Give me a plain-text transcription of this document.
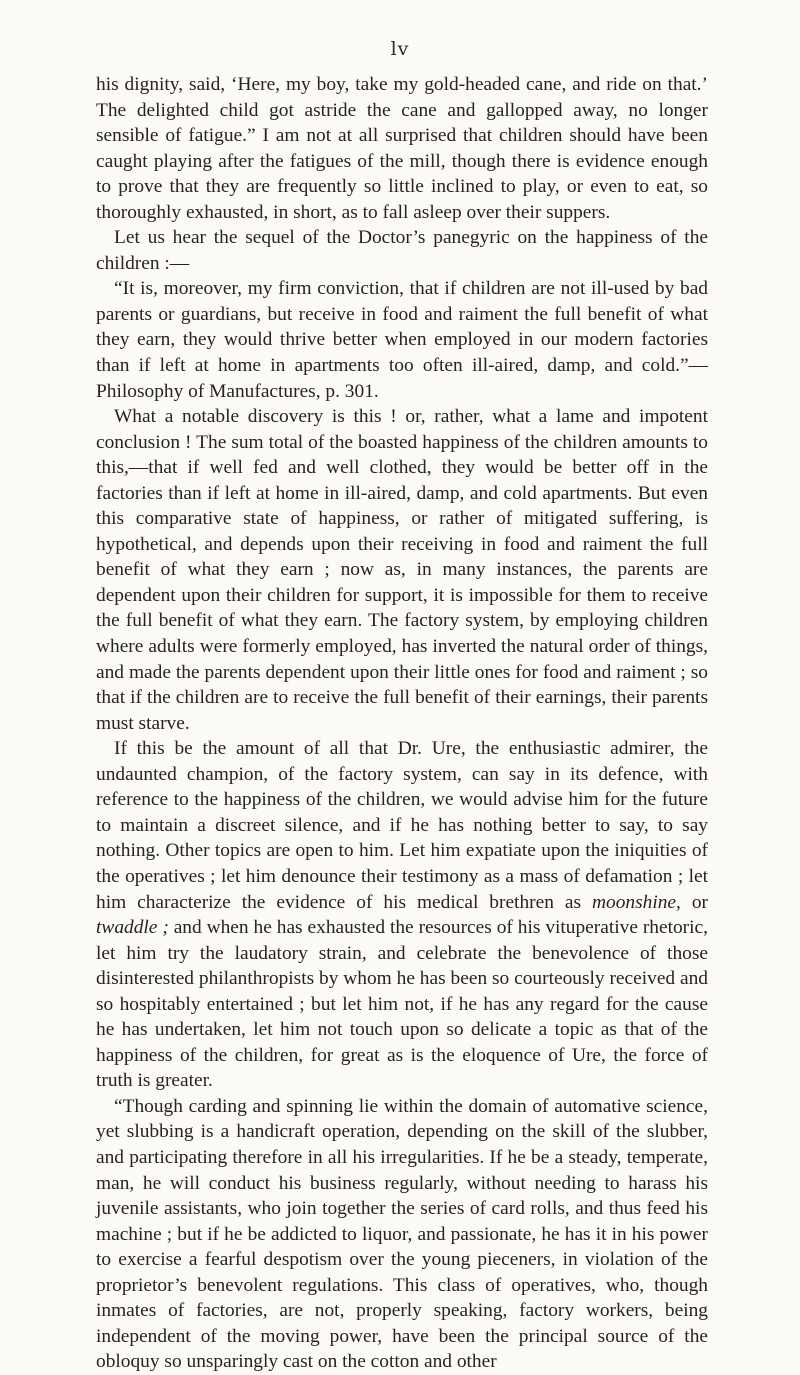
lv

his dignity, said, ‘Here, my boy, take my gold-headed cane, and ride on that.’ The delighted child got astride the cane and gallopped away, no longer sensible of fatigue.” I am not at all surprised that children should have been caught playing after the fatigues of the mill, though there is evidence enough to prove that they are frequently so little inclined to play, or even to eat, so thoroughly exhausted, in short, as to fall asleep over their suppers.

Let us hear the sequel of the Doctor’s panegyric on the happiness of the children :—

“It is, moreover, my firm conviction, that if children are not ill-used by bad parents or guardians, but receive in food and raiment the full benefit of what they earn, they would thrive better when employed in our modern factories than if left at home in apartments too often ill-aired, damp, and cold.”—Philosophy of Manufactures, p. 301.

What a notable discovery is this ! or, rather, what a lame and impotent conclusion ! The sum total of the boasted happiness of the children amounts to this,—that if well fed and well clothed, they would be better off in the factories than if left at home in ill-aired, damp, and cold apartments. But even this comparative state of happiness, or rather of mitigated suffering, is hypothetical, and depends upon their receiving in food and raiment the full benefit of what they earn ; now as, in many instances, the parents are dependent upon their children for support, it is impossible for them to receive the full benefit of what they earn. The factory system, by employing children where adults were formerly employed, has inverted the natural order of things, and made the parents dependent upon their little ones for food and raiment ; so that if the children are to receive the full benefit of their earnings, their parents must starve.

If this be the amount of all that Dr. Ure, the enthusiastic admirer, the undaunted champion, of the factory system, can say in its defence, with reference to the happiness of the children, we would advise him for the future to maintain a discreet silence, and if he has nothing better to say, to say nothing. Other topics are open to him. Let him expatiate upon the iniquities of the operatives ; let him denounce their testimony as a mass of defamation ; let him characterize the evidence of his medical brethren as moonshine, or twaddle ; and when he has exhausted the resources of his vituperative rhetoric, let him try the laudatory strain, and celebrate the benevolence of those disinterested philanthropists by whom he has been so courteously received and so hospitably entertained ; but let him not, if he has any regard for the cause he has undertaken, let him not touch upon so delicate a topic as that of the happiness of the children, for great as is the eloquence of Ure, the force of truth is greater.

“Though carding and spinning lie within the domain of automative science, yet slubbing is a handicraft operation, depending on the skill of the slubber, and participating therefore in all his irregularities. If he be a steady, temperate, man, he will conduct his business regularly, without needing to harass his juvenile assistants, who join together the series of card rolls, and thus feed his machine ; but if he be addicted to liquor, and passionate, he has it in his power to exercise a fearful despotism over the young pieceners, in violation of the proprietor’s benevolent regulations. This class of operatives, who, though inmates of factories, are not, properly speaking, factory workers, being independent of the moving power, have been the principal source of the obloquy so unsparingly cast on the cotton and other
